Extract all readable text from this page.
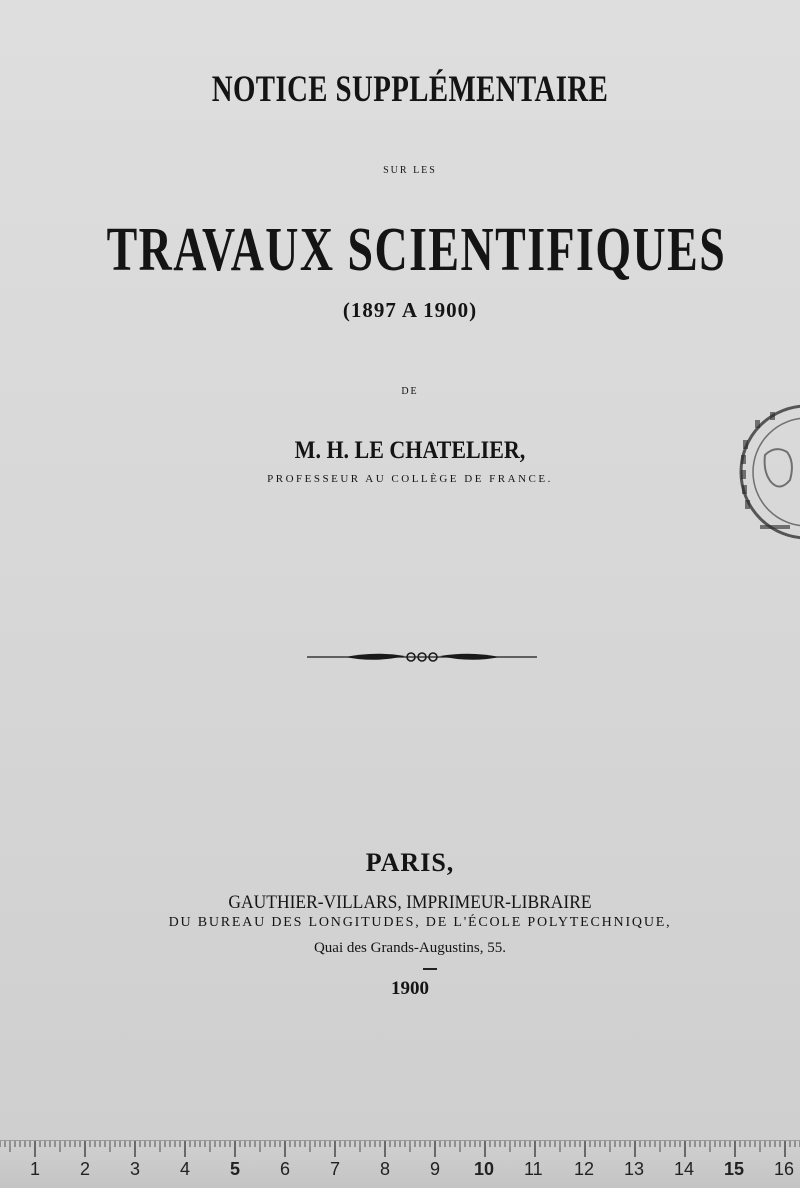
NOTICE SUPPLÉMENTAIRE
SUR LES
TRAVAUX SCIENTIFIQUES
(1897 A 1900)
DE
M. H. LE CHATELIER,
PROFESSEUR AU COLLÈGE DE FRANCE.
PARIS,
GAUTHIER-VILLARS, IMPRIMEUR-LIBRAIRE
DU BUREAU DES LONGITUDES, DE L'ÉCOLE POLYTECHNIQUE,
Quai des Grands-Augustins, 55.
1900
1 2 3 4 5 6 7 8 9 10 11 12 13 14 15 16
